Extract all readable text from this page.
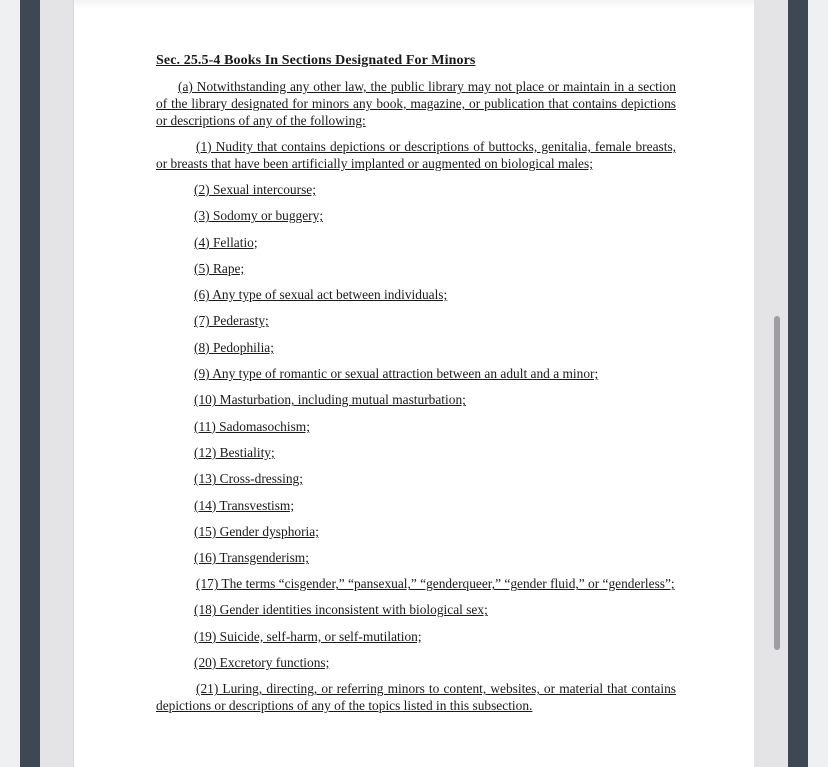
Sec. 25.5-4 Books In Sections Designated For Minors
(a) Notwithstanding any other law, the public library may not place or maintain in a section of the library designated for minors any book, magazine, or publication that contains depictions or descriptions of any of the following:
(1) Nudity that contains depictions or descriptions of buttocks, genitalia, female breasts, or breasts that have been artificially implanted or augmented on biological males;
(2) Sexual intercourse;
(3) Sodomy or buggery;
(4) Fellatio;
(5) Rape;
(6) Any type of sexual act between individuals;
(7) Pederasty;
(8) Pedophilia;
(9) Any type of romantic or sexual attraction between an adult and a minor;
(10) Masturbation, including mutual masturbation;
(11) Sadomasochism;
(12) Bestiality;
(13) Cross-dressing;
(14) Transvestism;
(15) Gender dysphoria;
(16) Transgenderism;
(17) The terms “cisgender,” “pansexual,” “genderqueer,” “gender fluid,” or “genderless”;
(18) Gender identities inconsistent with biological sex;
(19) Suicide, self-harm, or self-mutilation;
(20) Excretory functions;
(21) Luring, directing, or referring minors to content, websites, or material that contains depictions or descriptions of any of the topics listed in this subsection.
